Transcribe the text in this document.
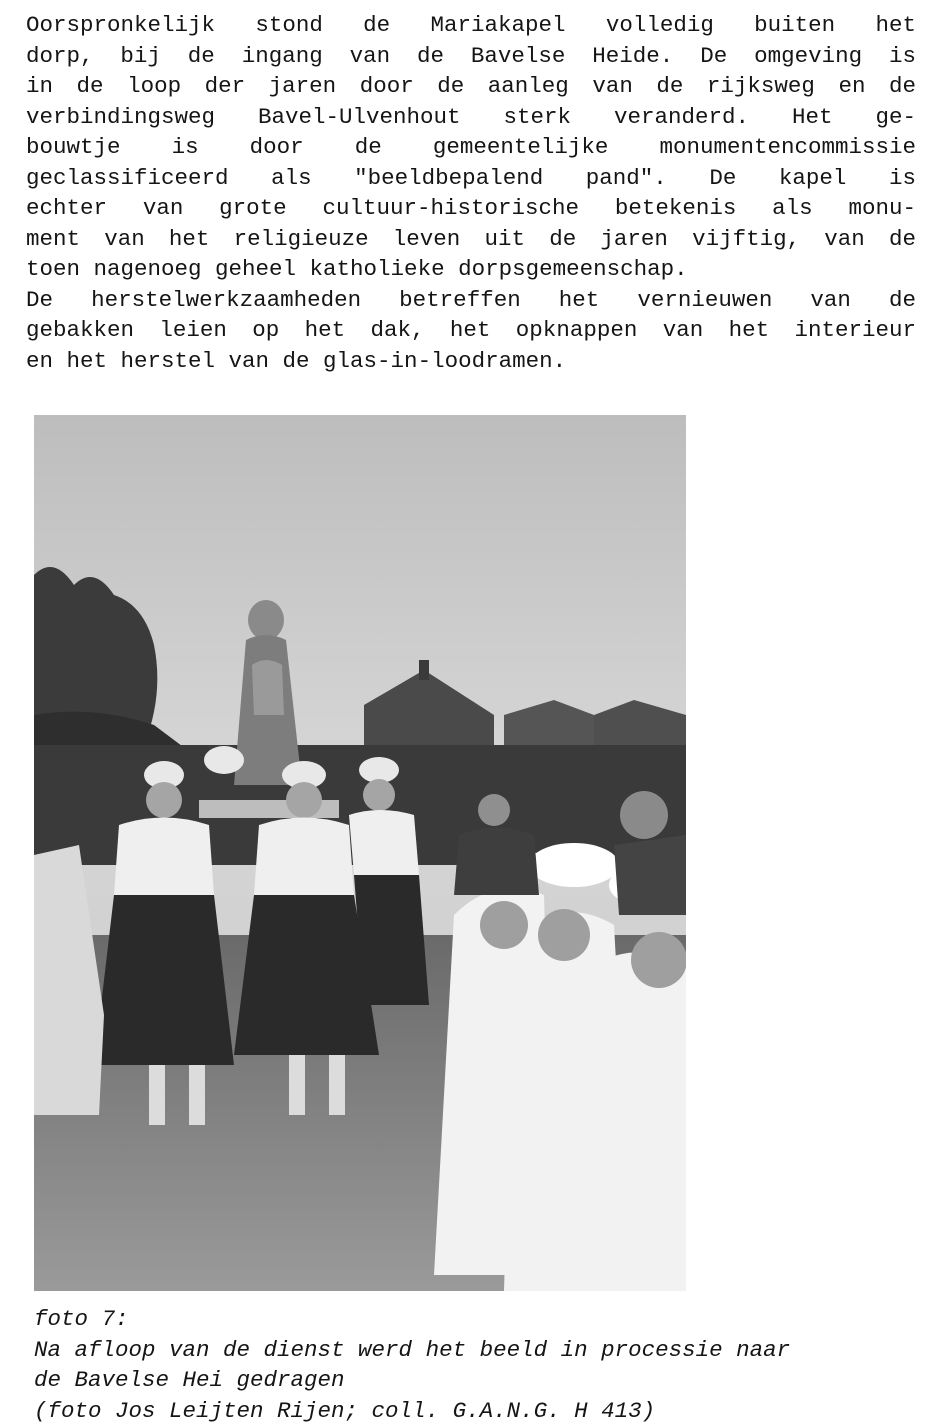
Oorspronkelijk stond de Mariakapel volledig buiten het
dorp, bij de ingang van de Bavelse Heide. De omgeving is
in de loop der jaren door de aanleg van de rijksweg en de
verbindingsweg Bavel-Ulvenhout sterk veranderd. Het ge-
bouwtje is door de gemeentelijke monumentencommissie
geclassificeerd als "beeldbepalend pand". De kapel is
echter van grote cultuur-historische betekenis als monu-
ment van het religieuze leven uit de jaren vijftig, van de
toen nagenoeg geheel katholieke dorpsgemeenschap.
De herstelwerkzaamheden betreffen het vernieuwen van de
gebakken leien op het dak, het opknappen van het interieur
en het herstel van de glas-in-loodramen.
foto 7:
Na afloop van de dienst werd het beeld in processie naar
de Bavelse Hei gedragen
(foto Jos Leijten Rijen; coll. G.A.N.G. H 413)
